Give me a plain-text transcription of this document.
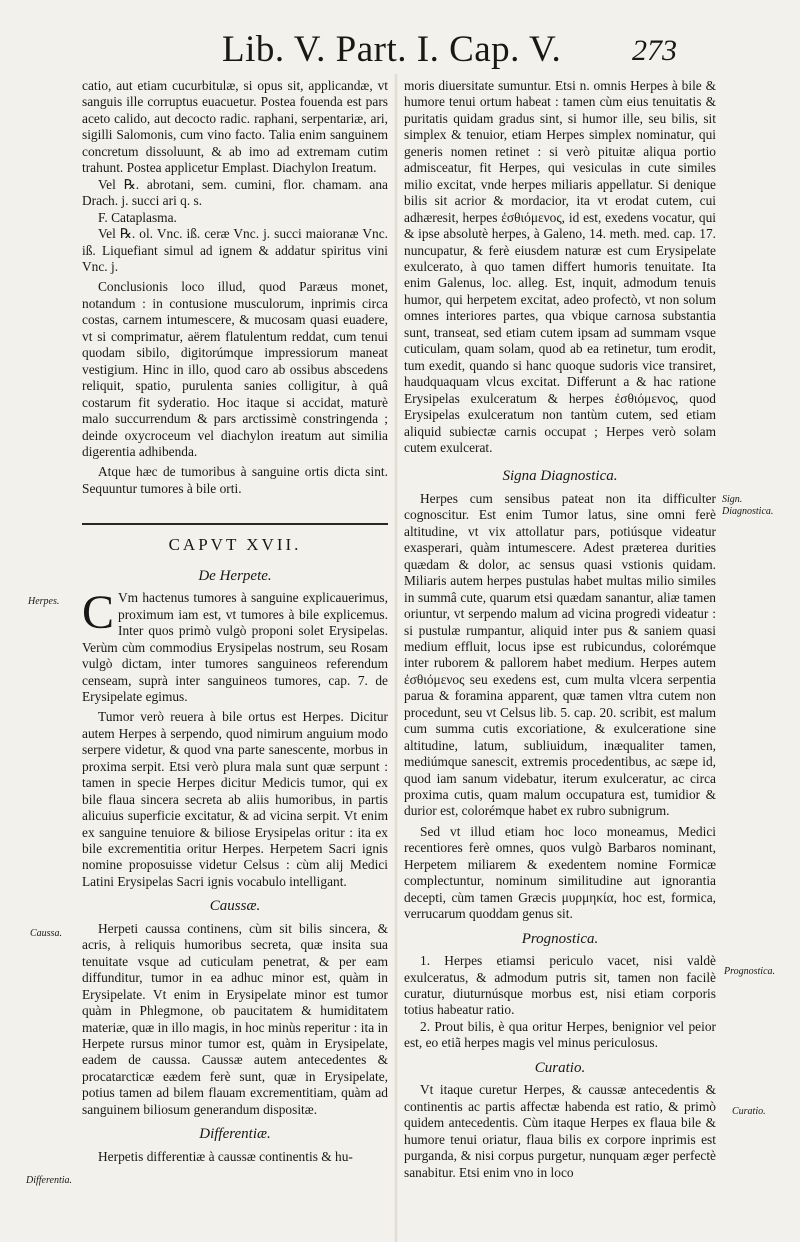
Lib. V. Part. I. Cap. V. 273

catio, aut etiam cucurbitulæ, si opus sit, applicandæ, vt sanguis ille corruptus euacuetur. Postea fouenda est pars aceto calido, aut decocto radic. raphani, serpentariæ, ari, sigilli Salomonis, cum vino facto. Talia enim sanguinem concretum dissoluunt, & ab imo ad extremam cutim trahunt. Postea applicetur Emplast. Diachylon Ireatum.

Vel ℞. abrotani, sem. cumini, flor. chamam. ana Drach. j. succi ari q. s.

F. Cataplasma.

Vel ℞. ol. Vnc. iß. ceræ Vnc. j. succi maioranæ Vnc. iß. Liquefiant simul ad ignem & addatur spiritus vini Vnc. j.

Conclusionis loco illud, quod Paræus monet, notandum : in contusione musculorum, inprimis circa costas, carnem intumescere, & mucosam quasi euadere, vt si comprimatur, aërem flatulentum reddat, cum tenui quodam sibilo, digitorúmque impressiorum maneat vestigium. Hinc in illo, quod caro ab ossibus abscedens reliquit, spatio, purulenta sanies colligitur, à quâ costarum fit syderatio. Hoc itaque si accidat, maturè malo succurrendum & pars arctissimè constringenda ; deinde oxycroceum vel diachylon ireatum aut similia digerentia adhibenda.

Atque hæc de tumoribus à sanguine ortis dicta sint. Sequuntur tumores à bile orti.

CAPVT XVII.
De Herpete.

C Vm hactenus tumores à sanguine explicauerimus, proximum iam est, vt tumores à bile explicemus. Inter quos primò vulgò proponi solet Erysipelas. Verùm cùm commodius Erysipelas nostrum, seu Rosam vulgò dictam, inter tumores sanguineos referendum censeam, suprà inter sanguineos tumores, cap. 7. de Erysipelate egimus.

Tumor verò reuera à bile ortus est Herpes. Dicitur autem Herpes à serpendo, quod nimirum anguium modo serpere videtur, & quod vna parte sanescente, morbus in proxima serpit. Etsi verò plura mala sunt quæ serpunt : tamen in specie Herpes dicitur Medicis tumor, qui ex bile flaua sincera secreta ab aliis humoribus, in partis alicuius superficie excitatur, & ad vicina serpit. Vt enim ex sanguine tenuiore & biliose Erysipelas oritur : ita ex bile excrementitia oritur Herpes. Herpetem Sacri ignis nomine proposuisse videtur Celsus : cùm alij Medici Latini Erysipelas Sacri ignis vocabulo intelligant.

Caussæ.

Herpeti caussa continens, cùm sit bilis sincera, & acris, à reliquis humoribus secreta, quæ insita sua tenuitate vsque ad cuticulam penetrat, & per eam diffunditur, tumor in ea adhuc minor est, quàm in Erysipelate. Vt enim in Erysipelate minor est tumor quàm in Phlegmone, ob paucitatem & humiditatem materiæ, quæ in illo magis, in hoc minùs reperitur : ita in Herpete rursus minor tumor est, quàm in Erysipelate, eadem de caussa. Caussæ autem antecedentes & procatarcticæ eædem ferè sunt, quæ in Erysipelate, potius tamen ad bilem flauam excrementitiam, quàm ad sanguinem biliosum generandum dispositæ.

Differentiæ.

Herpetis differentiæ à caussæ continentis & hu-

moris diuersitate sumuntur. Etsi n. omnis Herpes à bile & humore tenui ortum habeat : tamen cùm eius tenuitatis & puritatis quidam gradus sint, si humor ille, seu bilis, sit simplex & tenuior, etiam Herpes simplex nominatur, qui generis nomen retinet : si verò pituitæ aliqua portio admisceatur, fit Herpes, qui vesiculas in cute similes milio excitat, vnde herpes miliaris appellatur. Si denique bilis sit acrior & mordacior, ita vt erodat cutem, cui adhæresit, herpes ἐσθιόμενος, id est, exedens vocatur, qui & ipse absolutè herpes, à Galeno, 14. meth. med. cap. 17. nuncupatur, & ferè eiusdem naturæ est cum Erysipelate exulcerato, à quo tamen differt humoris tenuitate. Ita enim Galenus, loc. alleg. Est, inquit, admodum tenuis humor, qui herpetem excitat, adeo profectò, vt non solum omnes interiores partes, qua vbique carnosa substantia sunt, transeat, sed etiam cutem ipsam ad summam vsque cuticulam, quam solam, quod ab ea retinetur, tum erodit, tum exedit, quando si hanc quoque sudoris vice transiret, haudquaquam vlcus excitat. Differunt a & hac ratione Erysipelas exulceratum & herpes ἐσθιόμενος, quod Erysipelas exulceratum non tantùm cutem, sed etiam aliquid subiectæ carnis occupat ; Herpes verò solam cutem exulcerat.

Signa Diagnostica.

Herpes cum sensibus pateat non ita difficulter cognoscitur. Est enim Tumor latus, sine omni ferè altitudine, vt vix attollatur pars, potiúsque videatur exasperari, quàm intumescere. Adest præterea durities quædam & dolor, ac sensus quasi vstionis quidam. Miliaris autem herpes pustulas habet multas milio similes in summâ cute, quarum etsi quædam sanantur, aliæ tamen oriuntur, vt serpendo malum ad vicina progredi videatur : si pustulæ rumpantur, aliquid inter pus & saniem quasi medium effluit, locus ipse est rubicundus, colorémque inter ruborem & pallorem habet medium. Herpes autem ἐσθιόμενος seu exedens est, cum multa vlcera serpentia parua & foramina apparent, quæ tamen vltra cutem non procedunt, seu vt Celsus lib. 5. cap. 20. scribit, est malum cum summa cutis excoriatione, & exulceratione sine altitudine, latum, subliuidum, inæqualiter tamen, mediúmque sanescit, extremis procedentibus, ac sæpe id, quod iam sanum videbatur, iterum exulceratur, ac circa proxima cutis, quam malum occupatura est, tumidior & durior est, colorémque habet ex rubro subnigrum.

Sed vt illud etiam hoc loco moneamus, Medici recentiores ferè omnes, quos vulgò Barbaros nominant, Herpetem miliarem & exedentem nomine Formicæ complectuntur, nominum similitudine aut ignorantia decepti, cùm tamen Græcis μυρμηκία, hoc est, formica, verrucarum quoddam genus sit.

Prognostica.

1. Herpes etiamsi periculo vacet, nisi valdè exulceratus, & admodum putris sit, tamen non facilè curatur, diuturnúsque morbus est, nisi etiam corporis totius habeatur ratio.

2. Prout bilis, è qua oritur Herpes, benignior vel peior est, eo etiã herpes magis vel minus periculosus.

Curatio.

Vt itaque curetur Herpes, & caussæ antecedentis & continentis ac partis affectæ habenda est ratio, & primò quidem antecedentis. Cùm itaque Herpes ex flaua bile & humore tenui oriatur, flaua bilis ex corpore inprimis est purganda, & nisi corpus purgetur, nunquam æger perfectè sanabitur. Etsi enim vno in loco

Herpes.
Caussa.
Differentia.
Sign. Diagnostica.
Prognostica.
Curatio.
